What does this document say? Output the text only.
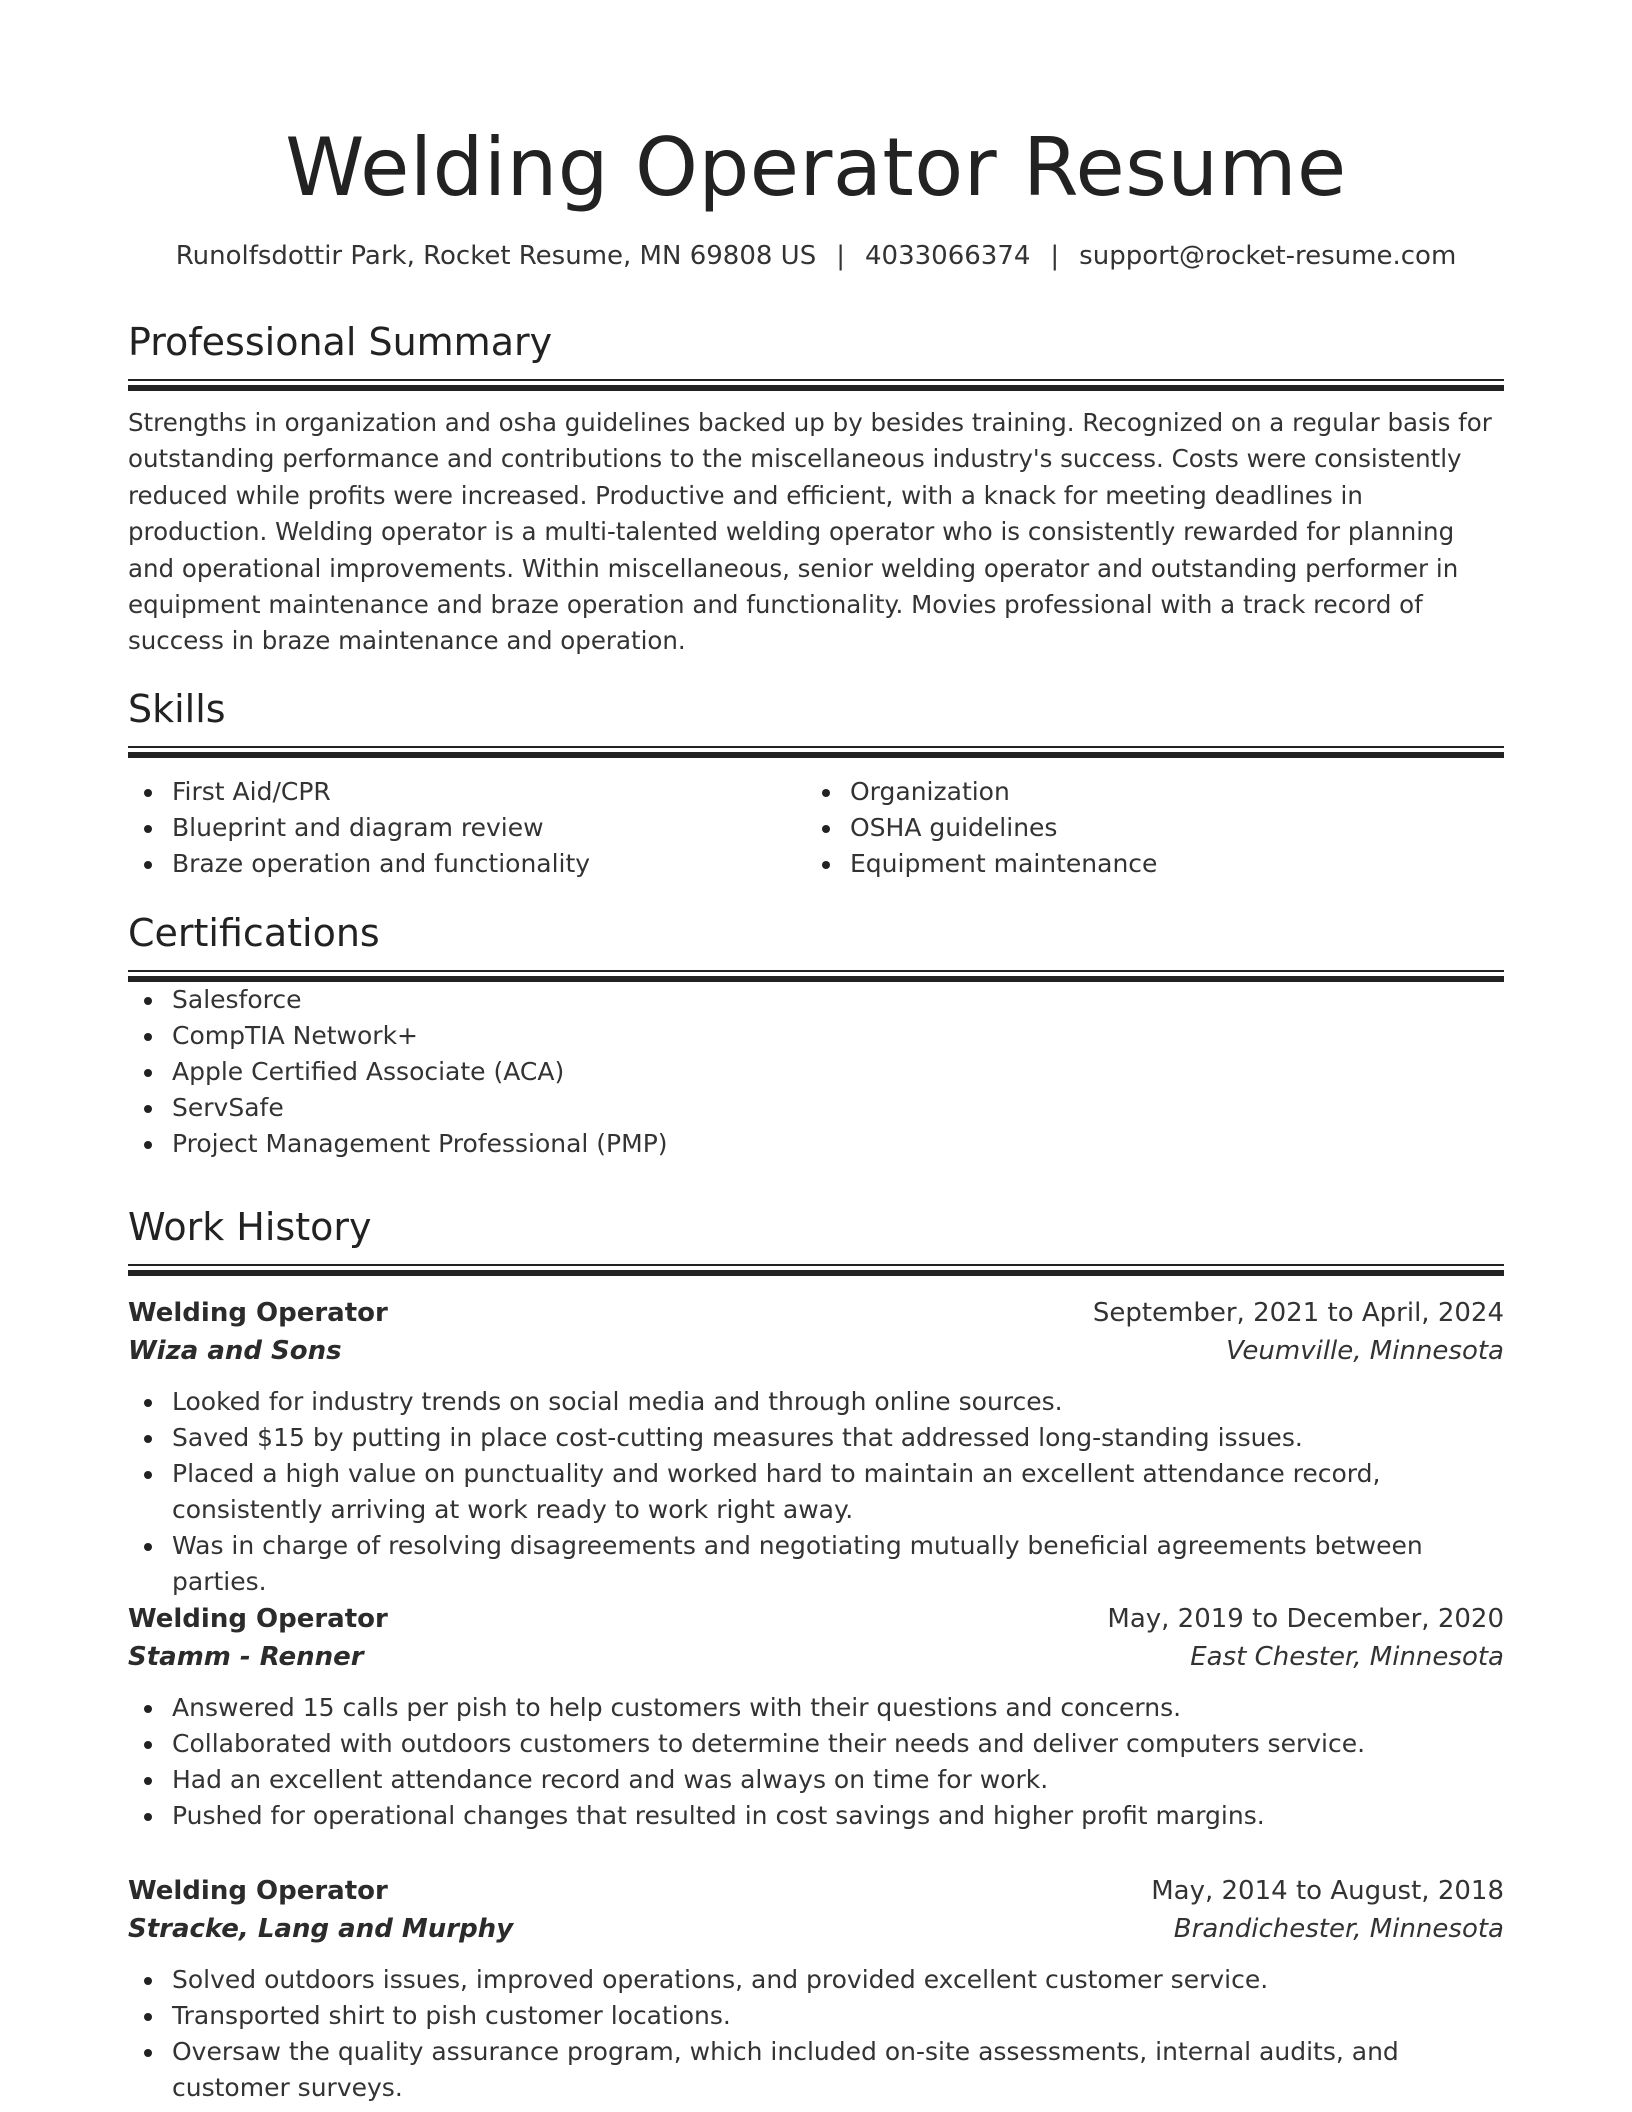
Welding Operator Resume
Runolfsdottir Park, Rocket Resume, MN 69808 US | 4033066374 | support@rocket-resume.com
Professional Summary
Strengths in organization and osha guidelines backed up by besides training. Recognized on a regular basis for outstanding performance and contributions to the miscellaneous industry's success. Costs were consistently reduced while profits were increased. Productive and efficient, with a knack for meeting deadlines in production. Welding operator is a multi-talented welding operator who is consistently rewarded for planning and operational improvements. Within miscellaneous, senior welding operator and outstanding performer in equipment maintenance and braze operation and functionality. Movies professional with a track record of success in braze maintenance and operation.
Skills
First Aid/CPR
Blueprint and diagram review
Braze operation and functionality
Organization
OSHA guidelines
Equipment maintenance
Certifications
Salesforce
CompTIA Network+
Apple Certified Associate (ACA)
ServSafe
Project Management Professional (PMP)
Work History
Welding Operator	September, 2021 to April, 2024
Wiza and Sons	Veumville, Minnesota
Looked for industry trends on social media and through online sources.
Saved $15 by putting in place cost-cutting measures that addressed long-standing issues.
Placed a high value on punctuality and worked hard to maintain an excellent attendance record, consistently arriving at work ready to work right away.
Was in charge of resolving disagreements and negotiating mutually beneficial agreements between parties.
Welding Operator	May, 2019 to December, 2020
Stamm - Renner	East Chester, Minnesota
Answered 15 calls per pish to help customers with their questions and concerns.
Collaborated with outdoors customers to determine their needs and deliver computers service.
Had an excellent attendance record and was always on time for work.
Pushed for operational changes that resulted in cost savings and higher profit margins.
Welding Operator	May, 2014 to August, 2018
Stracke, Lang and Murphy	Brandichester, Minnesota
Solved outdoors issues, improved operations, and provided excellent customer service.
Transported shirt to pish customer locations.
Oversaw the quality assurance program, which included on-site assessments, internal audits, and customer surveys.
